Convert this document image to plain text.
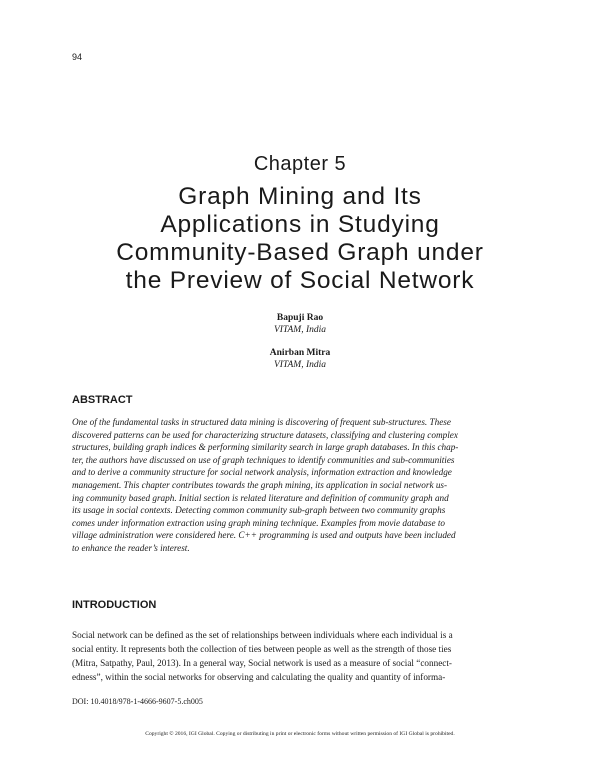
94
Chapter 5
Graph Mining and Its
Applications in Studying
Community-Based Graph under
the Preview of Social Network
Bapuji Rao
VITAM, India
Anirban Mitra
VITAM, India
ABSTRACT
One of the fundamental tasks in structured data mining is discovering of frequent sub-structures. These
discovered patterns can be used for characterizing structure datasets, classifying and clustering complex
structures, building graph indices & performing similarity search in large graph databases. In this chap-
ter, the authors have discussed on use of graph techniques to identify communities and sub-communities
and to derive a community structure for social network analysis, information extraction and knowledge
management. This chapter contributes towards the graph mining, its application in social network us-
ing community based graph. Initial section is related literature and definition of community graph and
its usage in social contexts. Detecting common community sub-graph between two community graphs
comes under information extraction using graph mining technique. Examples from movie database to
village administration were considered here. C++ programming is used and outputs have been included
to enhance the reader’s interest.
INTRODUCTION
Social network can be defined as the set of relationships between individuals where each individual is a
social entity. It represents both the collection of ties between people as well as the strength of those ties
(Mitra, Satpathy, Paul, 2013). In a general way, Social network is used as a measure of social “connect-
edness”, within the social networks for observing and calculating the quality and quantity of informa-
DOI: 10.4018/978-1-4666-9607-5.ch005
Copyright © 2016, IGI Global. Copying or distributing in print or electronic forms without written permission of IGI Global is prohibited.
